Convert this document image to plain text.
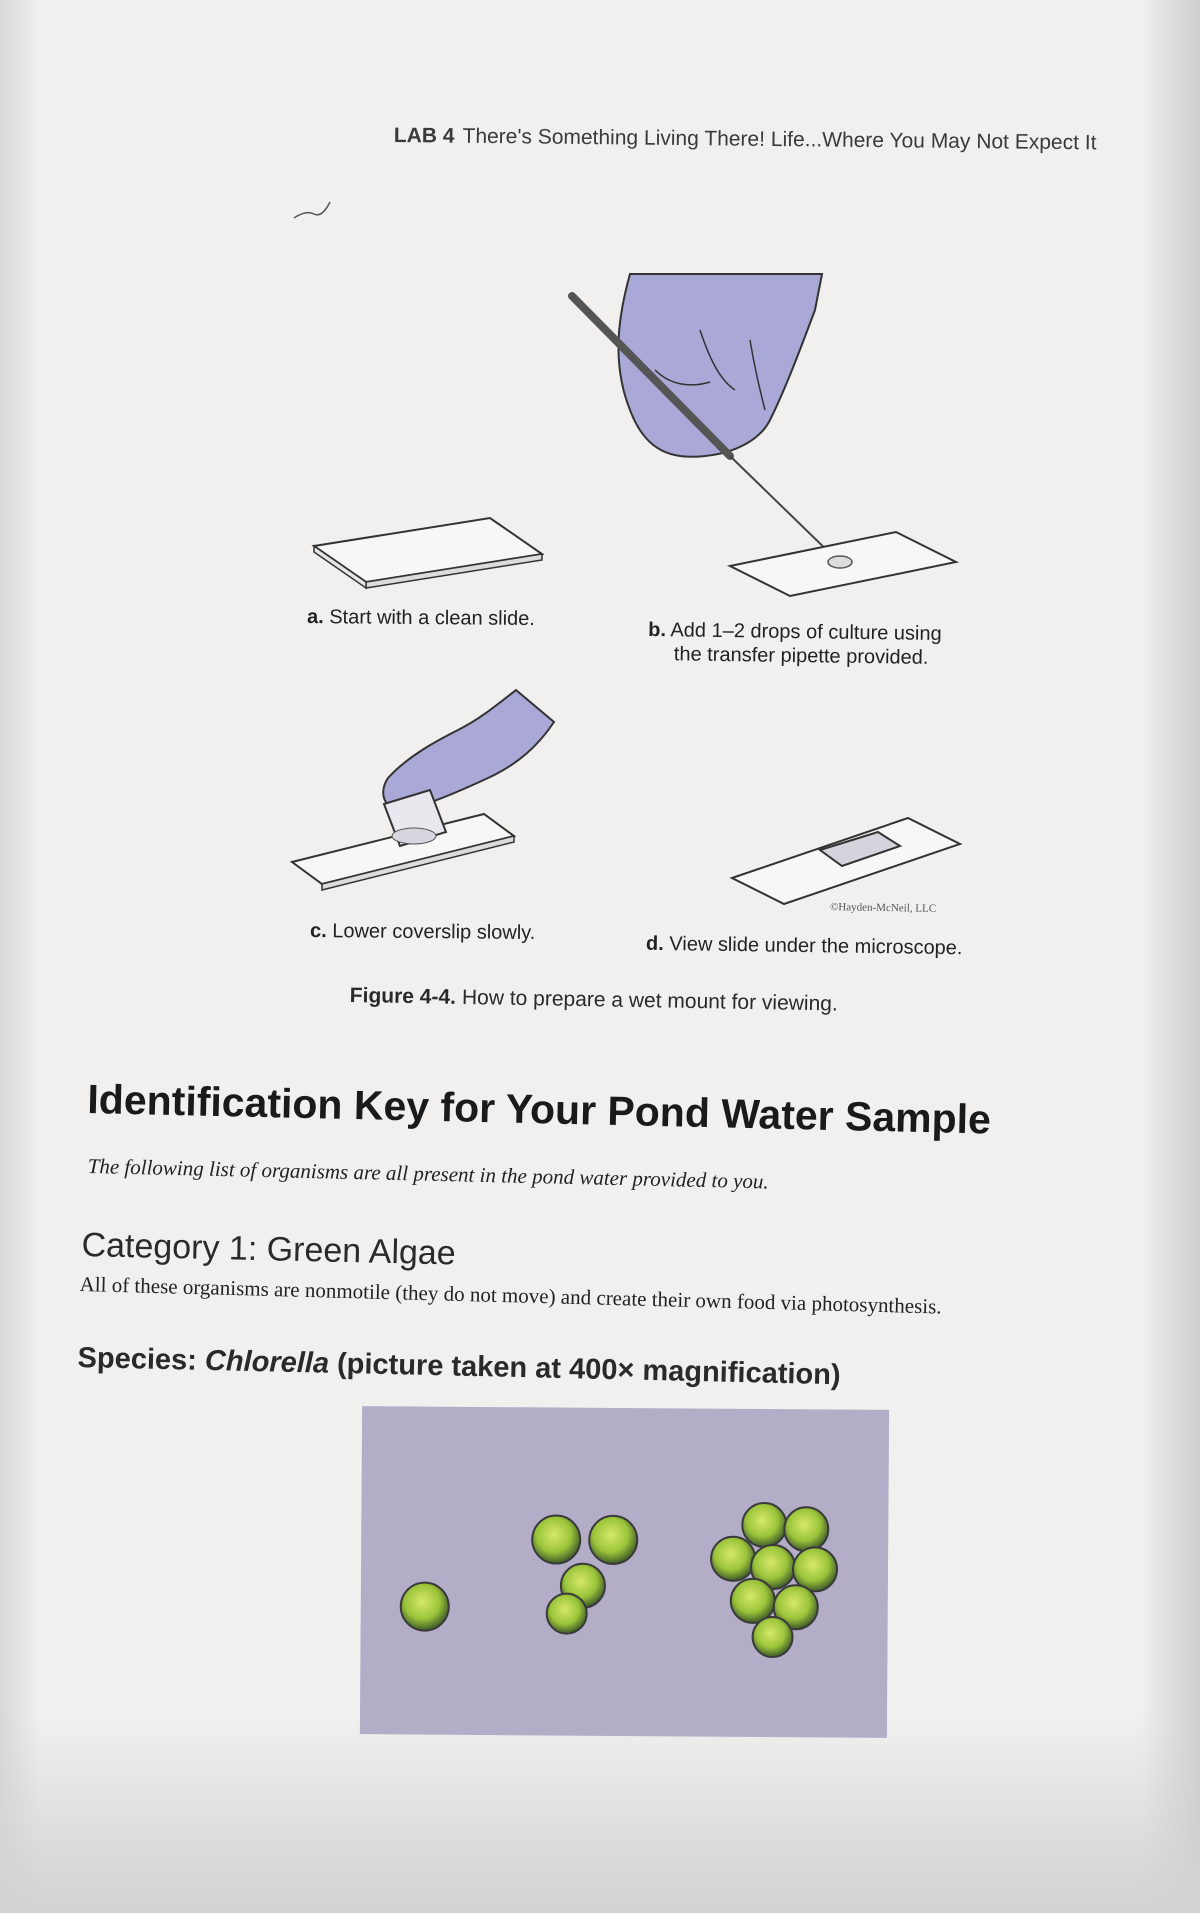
LAB 4 There's Something Living There! Life...Where You May Not Expect It
a. Start with a clean slide.
b. Add 1–2 drops of culture using
the transfer pipette provided.
c. Lower coverslip slowly.	d. View slide under the microscope.
©Hayden-McNeil, LLC
Figure 4-4. How to prepare a wet mount for viewing.
Identification Key for Your Pond Water Sample
The following list of organisms are all present in the pond water provided to you.
Category 1: Green Algae
All of these organisms are nonmotile (they do not move) and create their own food via photosynthesis.
Species: Chlorella (picture taken at 400× magnification)
